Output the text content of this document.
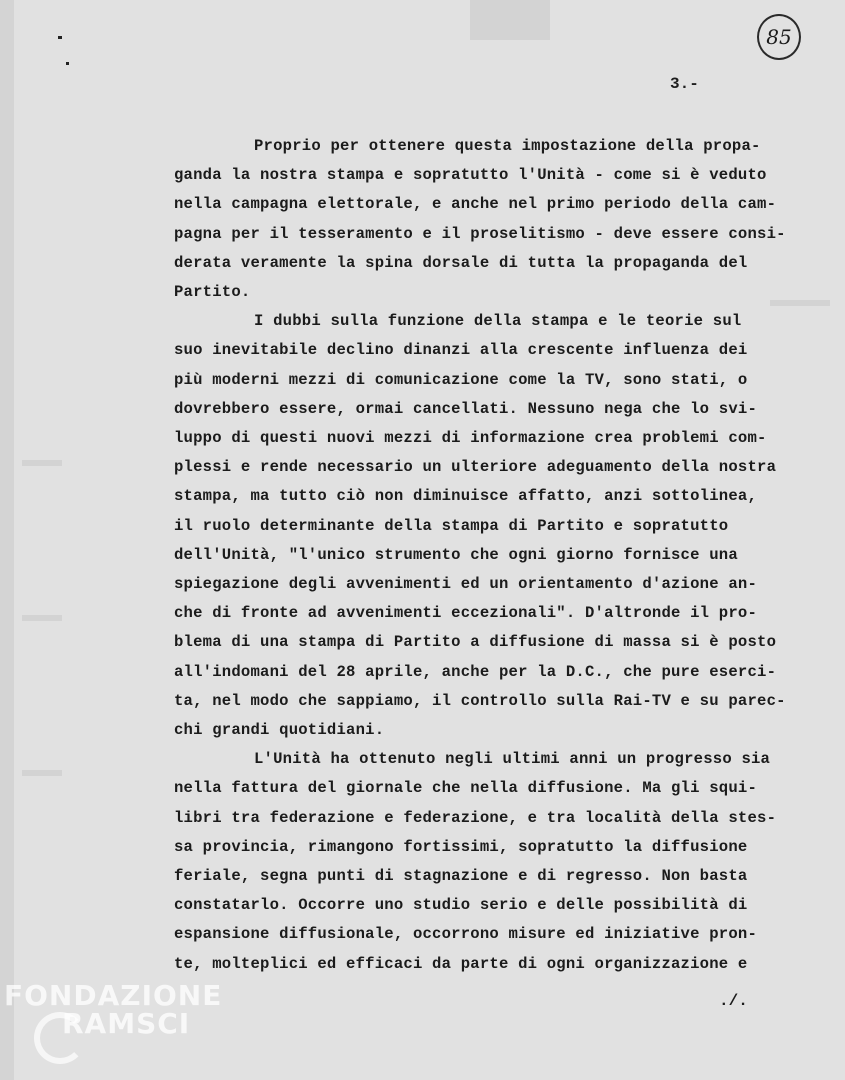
85
3.-
Proprio per ottenere questa impostazione della propa-
ganda la nostra stampa e sopratutto l'Unità - come si è veduto
nella campagna elettorale, e anche nel primo periodo della cam-
pagna per il tesseramento e il proselitismo - deve essere consi-
derata veramente la spina dorsale di tutta la propaganda del
Partito.
I dubbi sulla funzione della stampa e le teorie sul
suo inevitabile declino dinanzi alla crescente influenza dei
più moderni mezzi di comunicazione come la TV, sono stati, o
dovrebbero essere, ormai cancellati. Nessuno nega che lo svi-
luppo di questi nuovi mezzi di informazione crea problemi com-
plessi e rende necessario un ulteriore adeguamento della nostra
stampa, ma tutto ciò non diminuisce affatto, anzi sottolinea,
il ruolo determinante della stampa di Partito e sopratutto
dell'Unità, "l'unico strumento che ogni giorno fornisce una
spiegazione degli avvenimenti ed un orientamento d'azione an-
che di fronte ad avvenimenti eccezionali". D'altronde il pro-
blema di una stampa di Partito a diffusione di massa si è posto
all'indomani del 28 aprile, anche per la D.C., che pure eserci-
ta, nel modo che sappiamo, il controllo sulla Rai-TV e su parec-
chi grandi quotidiani.
L'Unità ha ottenuto negli ultimi anni un progresso sia
nella fattura del giornale che nella diffusione. Ma gli squi-
libri tra federazione e federazione, e tra località della stes-
sa provincia, rimangono fortissimi, sopratutto la diffusione
feriale, segna punti di stagnazione e di regresso. Non basta
constatarlo. Occorre uno studio serio e delle possibilità di
espansione diffusionale, occorrono misure ed iniziative pron-
te, molteplici ed efficaci da parte di ogni organizzazione e
./.
FONDAZIONE
RAMSCI
